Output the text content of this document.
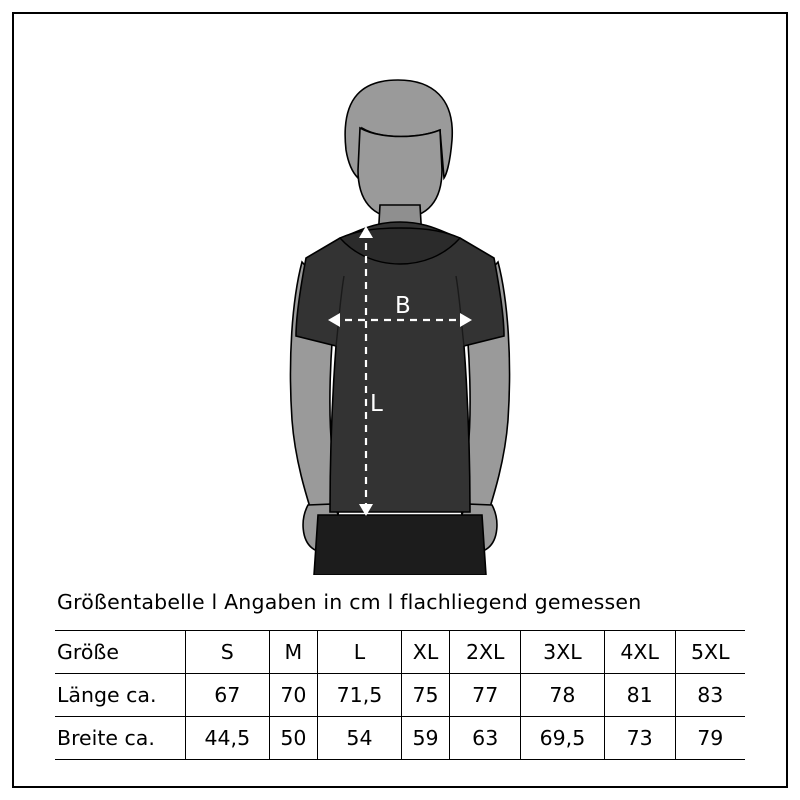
B
L
Größentabelle l Angaben in cm l flachliegend gemessen
Größe	S	M	L	XL	2XL	3XL	4XL	5XL
Länge ca.	67	70	71,5	75	77	78	81	83
Breite ca.	44,5	50	54	59	63	69,5	73	79
